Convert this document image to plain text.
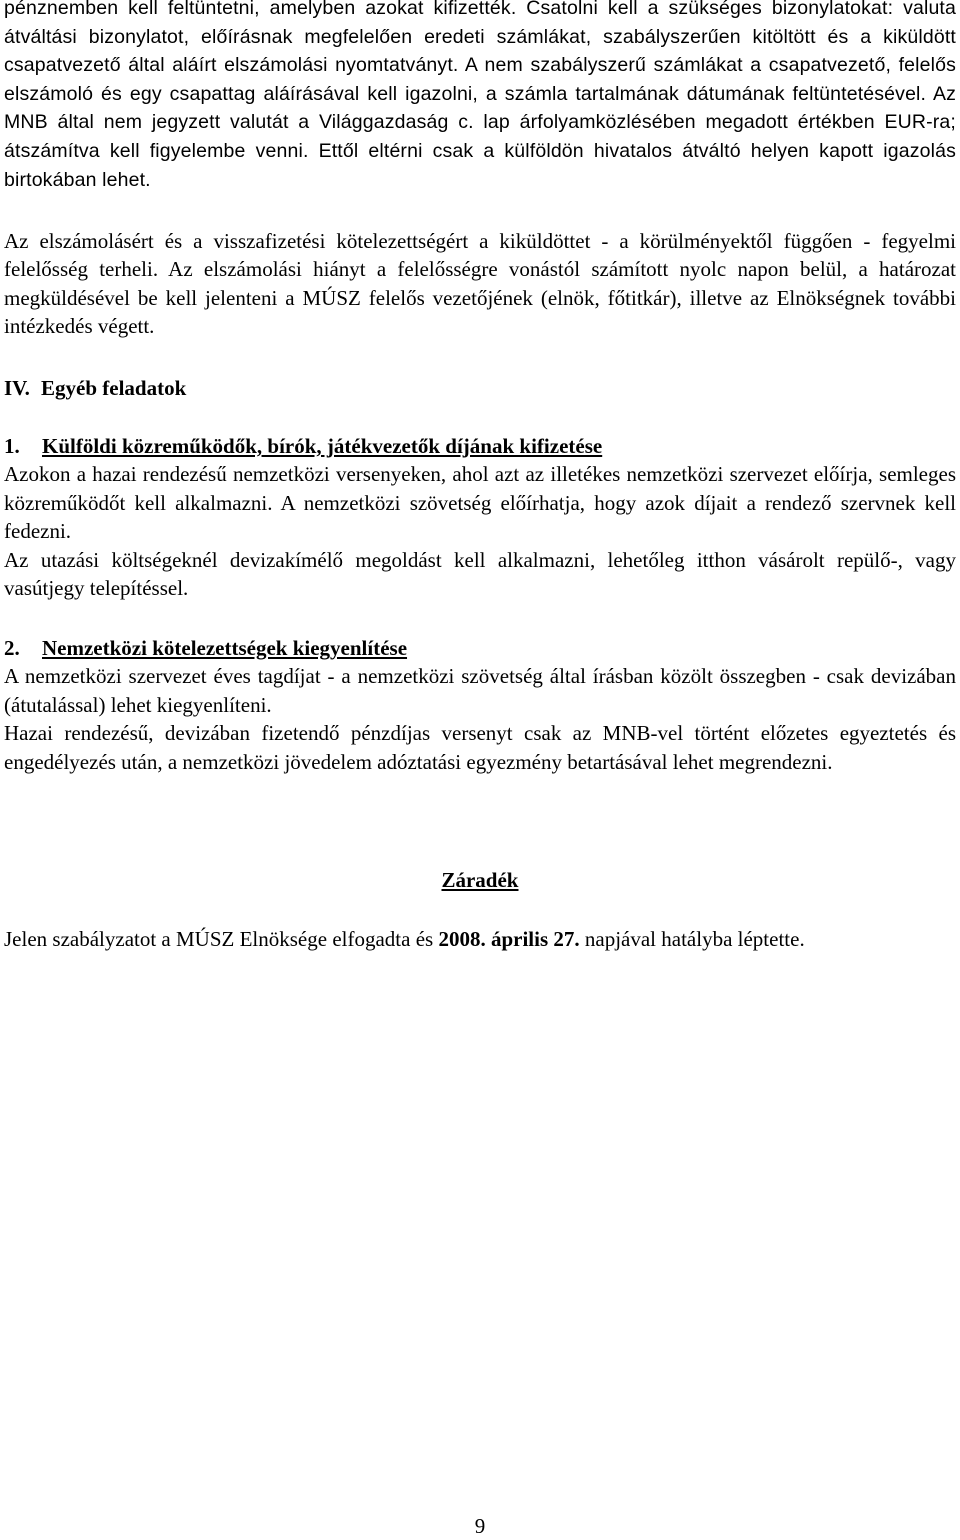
pénznemben kell feltüntetni, amelyben azokat kifizették. Csatolni kell a szükséges bizonylatokat: valuta átváltási bizonylatot, előírásnak megfelelően eredeti számlákat, szabályszerűen kitöltött és a kiküldött csapatvezető által aláírt elszámolási nyomtatványt. A nem szabályszerű számlákat a csapatvezető, felelős elszámoló és egy csapattag aláírásával kell igazolni, a számla tartalmának dátumának feltüntetésével. Az MNB által nem jegyzett valutát a Világgazdaság c. lap árfolyamközlésében megadott értékben EUR-ra; átszámítva kell figyelembe venni. Ettől eltérni csak a külföldön hivatalos átváltó helyen kapott igazolás birtokában lehet.

Az elszámolásért és a visszafizetési kötelezettségért a kiküldöttet - a körülményektől függően - fegyelmi felelősség terheli. Az elszámolási hiányt a felelősségre vonástól számított nyolc napon belül, a határozat megküldésével be kell jelenteni a MÚSZ felelős vezetőjének (elnök, főtitkár), illetve az Elnökségnek további intézkedés végett.

IV. Egyéb feladatok

1. Külföldi közreműködők, bírók, játékvezetők díjának kifizetése

Azokon a hazai rendezésű nemzetközi versenyeken, ahol azt az illetékes nemzetközi szervezet előírja, semleges közreműködőt kell alkalmazni. A nemzetközi szövetség előírhatja, hogy azok díjait a rendező szervnek kell fedezni.

Az utazási költségeknél devizakímélő megoldást kell alkalmazni, lehetőleg itthon vásárolt repülő-, vagy vasútjegy telepítéssel.

2. Nemzetközi kötelezettségek kiegyenlítése

A nemzetközi szervezet éves tagdíjat - a nemzetközi szövetség által írásban közölt összegben - csak devizában (átutalással) lehet kiegyenlíteni.

Hazai rendezésű, devizában fizetendő pénzdíjas versenyt csak az MNB-vel történt előzetes egyeztetés és engedélyezés után, a nemzetközi jövedelem adóztatási egyezmény betartásával lehet megrendezni.

Záradék

Jelen szabályzatot a MÚSZ Elnöksége elfogadta és 2008. április 27. napjával hatályba léptette.

9
